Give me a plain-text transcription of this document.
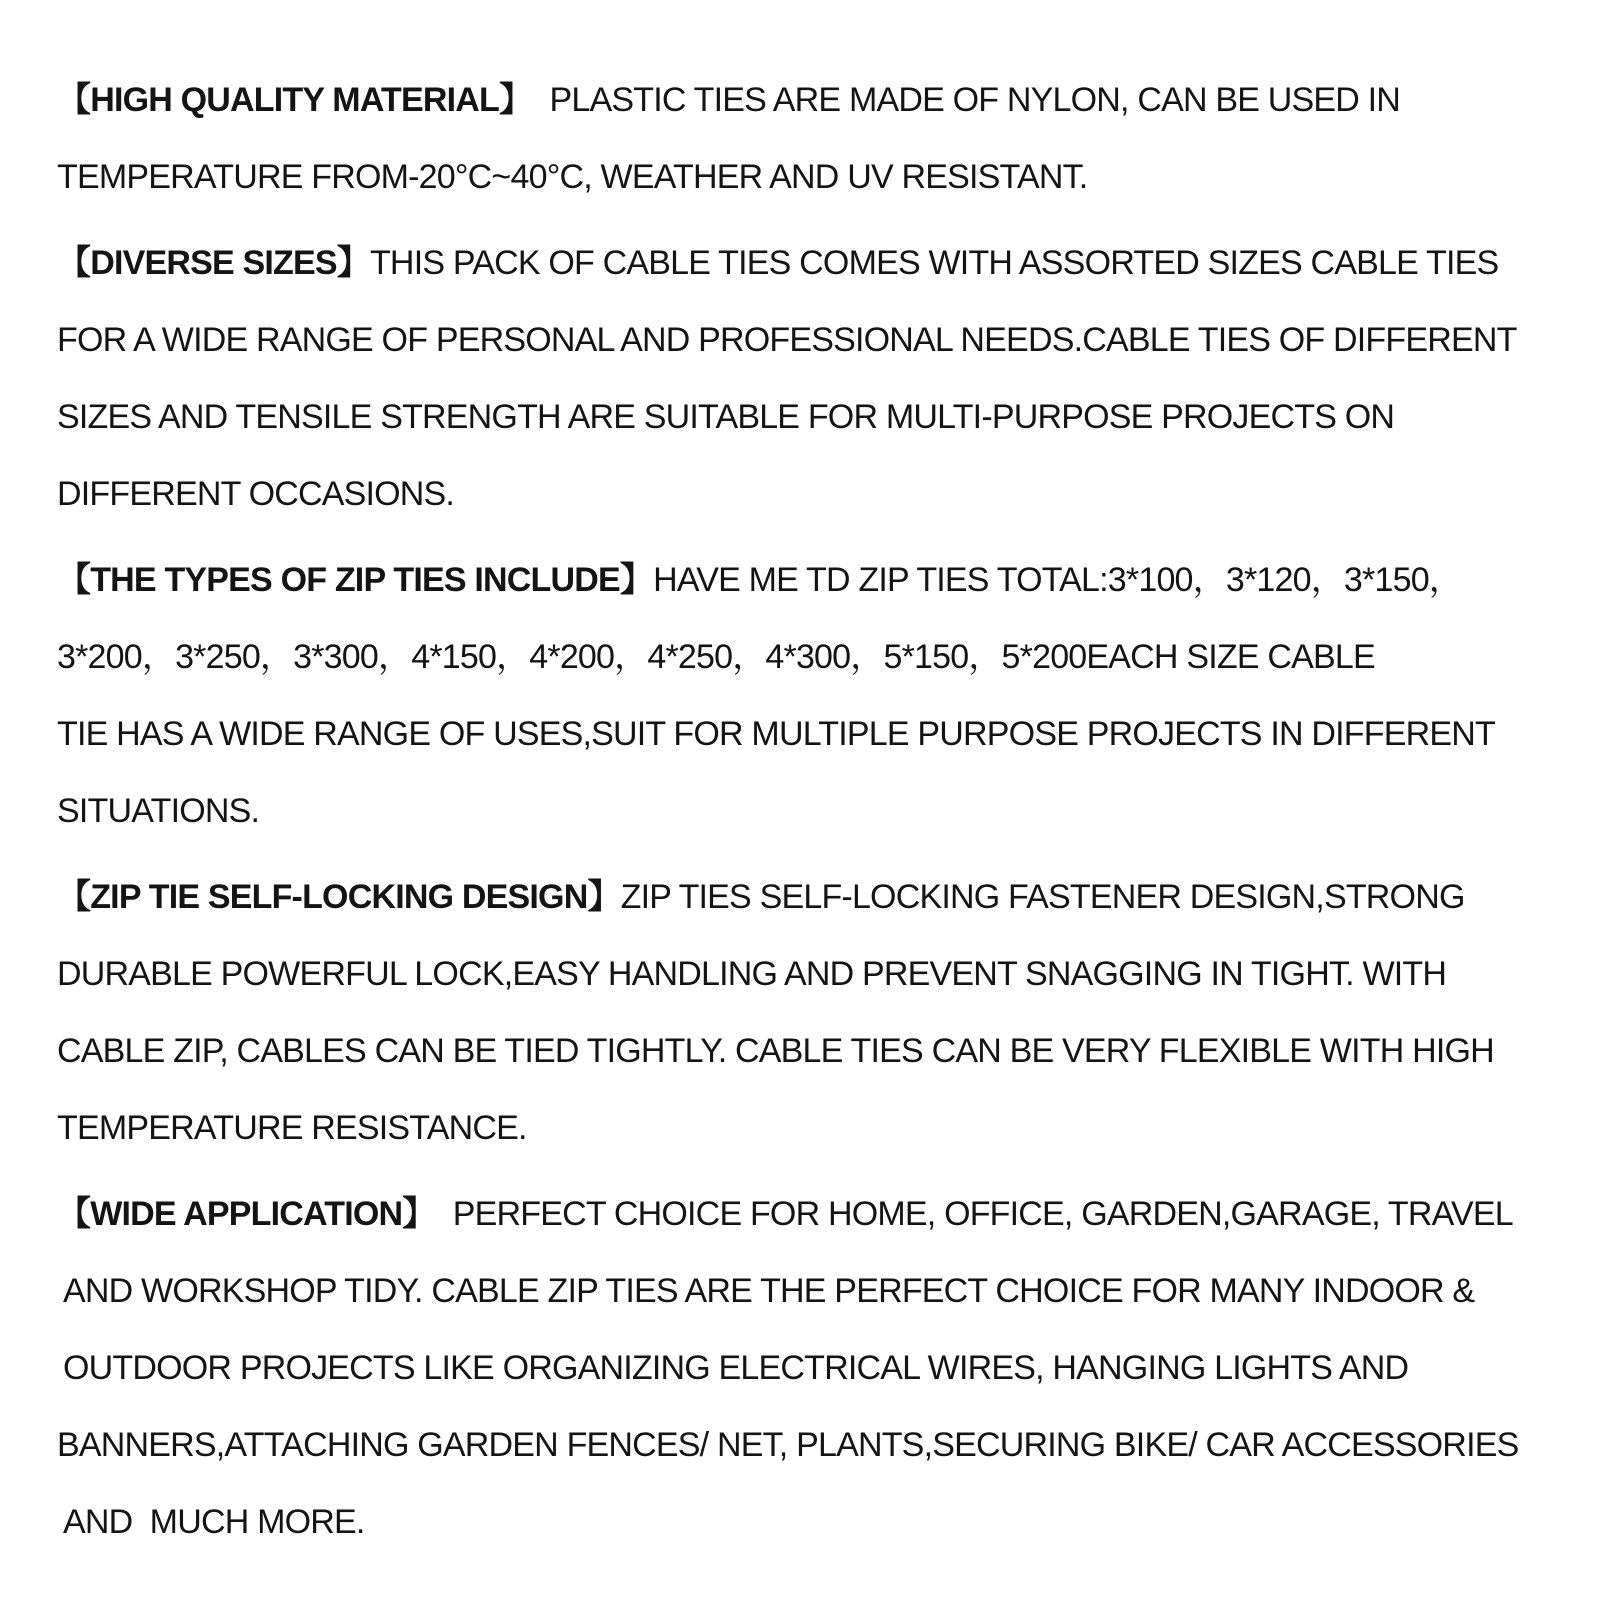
【HIGH QUALITY MATERIAL】  PLASTIC TIES ARE MADE OF NYLON, CAN BE USED IN
TEMPERATURE FROM-20°C~40°C, WEATHER AND UV RESISTANT.
【DIVERSE SIZES】THIS PACK OF CABLE TIES COMES WITH ASSORTED SIZES CABLE TIES
FOR A WIDE RANGE OF PERSONAL AND PROFESSIONAL NEEDS.CABLE TIES OF DIFFERENT
SIZES AND TENSILE STRENGTH ARE SUITABLE FOR MULTI-PURPOSE PROJECTS ON
DIFFERENT OCCASIONS.
【THE TYPES OF ZIP TIES INCLUDE】HAVE ME TD ZIP TIES TOTAL:3*100，3*120，3*150，
3*200，3*250，3*300，4*150，4*200，4*250，4*300，5*150，5*200EACH SIZE CABLE
TIE HAS A WIDE RANGE OF USES,SUIT FOR MULTIPLE PURPOSE PROJECTS IN DIFFERENT
SITUATIONS.
【ZIP TIE SELF-LOCKING DESIGN】ZIP TIES SELF-LOCKING FASTENER DESIGN,STRONG
DURABLE POWERFUL LOCK,EASY HANDLING AND PREVENT SNAGGING IN TIGHT. WITH
CABLE ZIP, CABLES CAN BE TIED TIGHTLY. CABLE TIES CAN BE VERY FLEXIBLE WITH HIGH
TEMPERATURE RESISTANCE.
【WIDE APPLICATION】  PERFECT CHOICE FOR HOME, OFFICE, GARDEN,GARAGE, TRAVEL
AND WORKSHOP TIDY. CABLE ZIP TIES ARE THE PERFECT CHOICE FOR MANY INDOOR &
OUTDOOR PROJECTS LIKE ORGANIZING ELECTRICAL WIRES, HANGING LIGHTS AND
BANNERS,ATTACHING GARDEN FENCES/ NET, PLANTS,SECURING BIKE/ CAR ACCESSORIES
AND  MUCH MORE.
